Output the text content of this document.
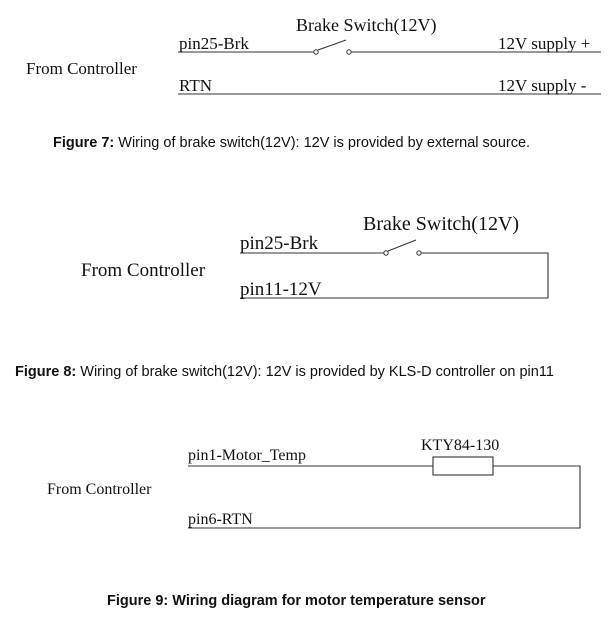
Brake Switch(12V)
From Controller
pin25-Brk	12V supply +
RTN	12V supply -
Figure 7: Wiring of brake switch(12V): 12V is provided by external source.
Brake Switch(12V)
From Controller
pin25-Brk
pin11-12V
Figure 8: Wiring of brake switch(12V): 12V is provided by KLS-D controller on pin11
KTY84-130
From Controller
pin1-Motor_Temp
pin6-RTN
Figure 9: Wiring diagram for motor temperature sensor
